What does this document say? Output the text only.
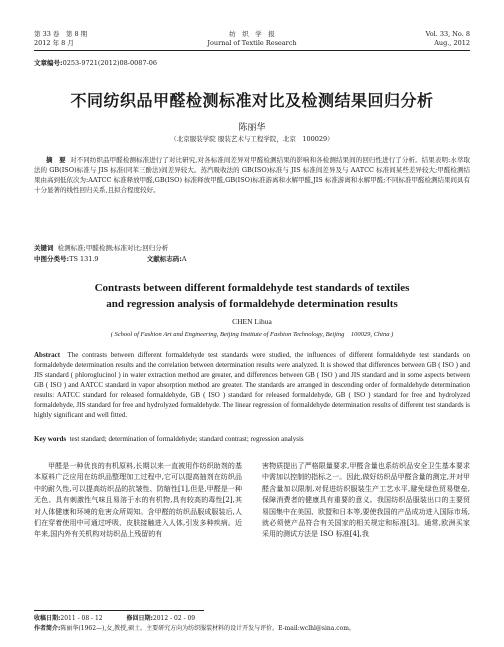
第 33 卷　第 8 期
2012 年 8 月
纺　织　学　报
Journal of Textile Research
Vol. 33, No. 8
Aug., 2012
文章编号:0253-9721(2012)08-0087-06
不同纺织品甲醛检测标准对比及检测结果回归分析
陈丽华
（北京服装学院 服装艺术与工程学院，北京　100029）
摘　要 对不同纺织品甲醛检测标准进行了对比研究,对各标准间差异对甲醛检测结果的影响和各检测结果间的回归性进行了分析。结果表明:水萃取法的 GB(ISO)标准与 JIS 标准(同苯三酚法)间差异较大。蒸汽吸收法的 GB(ISO)标准与 JIS 标准间差异及与 AATCC 标准间某些差异较大;甲醛检测结果由高到低依次为:AATCC 标准释放甲醛,GB(ISO) 标准释放甲醛,GB(ISO)标准游离和水解甲醛,JIS 标准游离和水解甲醛;不同标准甲醛检测结果间具有十分显著的线性回归关系,且拟合程度较好。
关键词 检测标准;甲醛检测;标准对比;回归分析
中图分类号:TS 131.9	文献标志码:A
Contrasts between different formaldehyde test standards of textiles
and regression analysis of formaldehyde determination results
CHEN Lihua
( School of Fashion Art and Engineering, Beijing Institute of Fashion Technology, Beijing　100029, China )
Abstract The contrasts between different formaldehyde test standards were studied, the influences of different formaldehyde test standards on formaldehyde determination results and the correlation between determination results were analyzed. It is showed that differences between GB ( ISO ) and JIS standard ( phloroglucinol ) in water extraction method are greater, and differences between GB ( ISO ) and JIS standard and in some aspects between GB ( ISO ) and AATCC standard in vapor absorption method are greater. The standards are arranged in descending order of formaldehyde determination results: AATCC standard for released formaldehyde, GB ( ISO ) standard for released formaldehyde, GB ( ISO ) standard for free and hydrolyzed formaldehyde, JIS standard for free and hydrolyzed formaldehyde. The linear regression of formaldehyde determination results of different test standards is highly significant and well fitted.
Key words test standard; determination of formaldehyde; standard contrast; regression analysis
甲醛是一种优良的有机原料,长期以来一直被用作纺织助剂的基本原料广泛应用在纺织品整理加工过程中,它可以提高抽剂在纺织品中的耐久性,可以提高纺织品的抗皱性、防缩性[1],但是,甲醛是一种无色、具有刺激性气味且易溶于水的有机物,具有较高的毒性[2],其对人体健康和环境的危害众所周知。含甲醛的纺织品服成服装后,人们在穿着使用中可通过呼吸、皮肤接触进入人体,引发多种疾病。近年来,国内外有关机构对纺织品上残留的有
害物质提出了严格限量要求,甲醛含量也系纺织品安全卫生基本要求中需加以控制的指标之一。因此,做好纺织品甲醛含量的测定,并对甲醛含量加以限制,对促进纺织服装生产工艺水平,避免绿色贸易壁垒,保障消费者的健康具有重要的意义。我国纺织品服装出口的主要贸易国集中在美国、欧盟和日本等,要使我国的产品成功进入国际市场,就必须使产品符合有关国家的相关规定和标准[3]。通常,欧洲买家采用的测试方法是 ISO 标准[4],我
收稿日期:2011 - 08 - 12	修回日期:2012 - 02 - 09
作者简介:陈丽华(1962—),女,教授,硕士。主要研究方向为纺织服装材料的设计开发与评价。E-mail:wclhl@sina.com。
